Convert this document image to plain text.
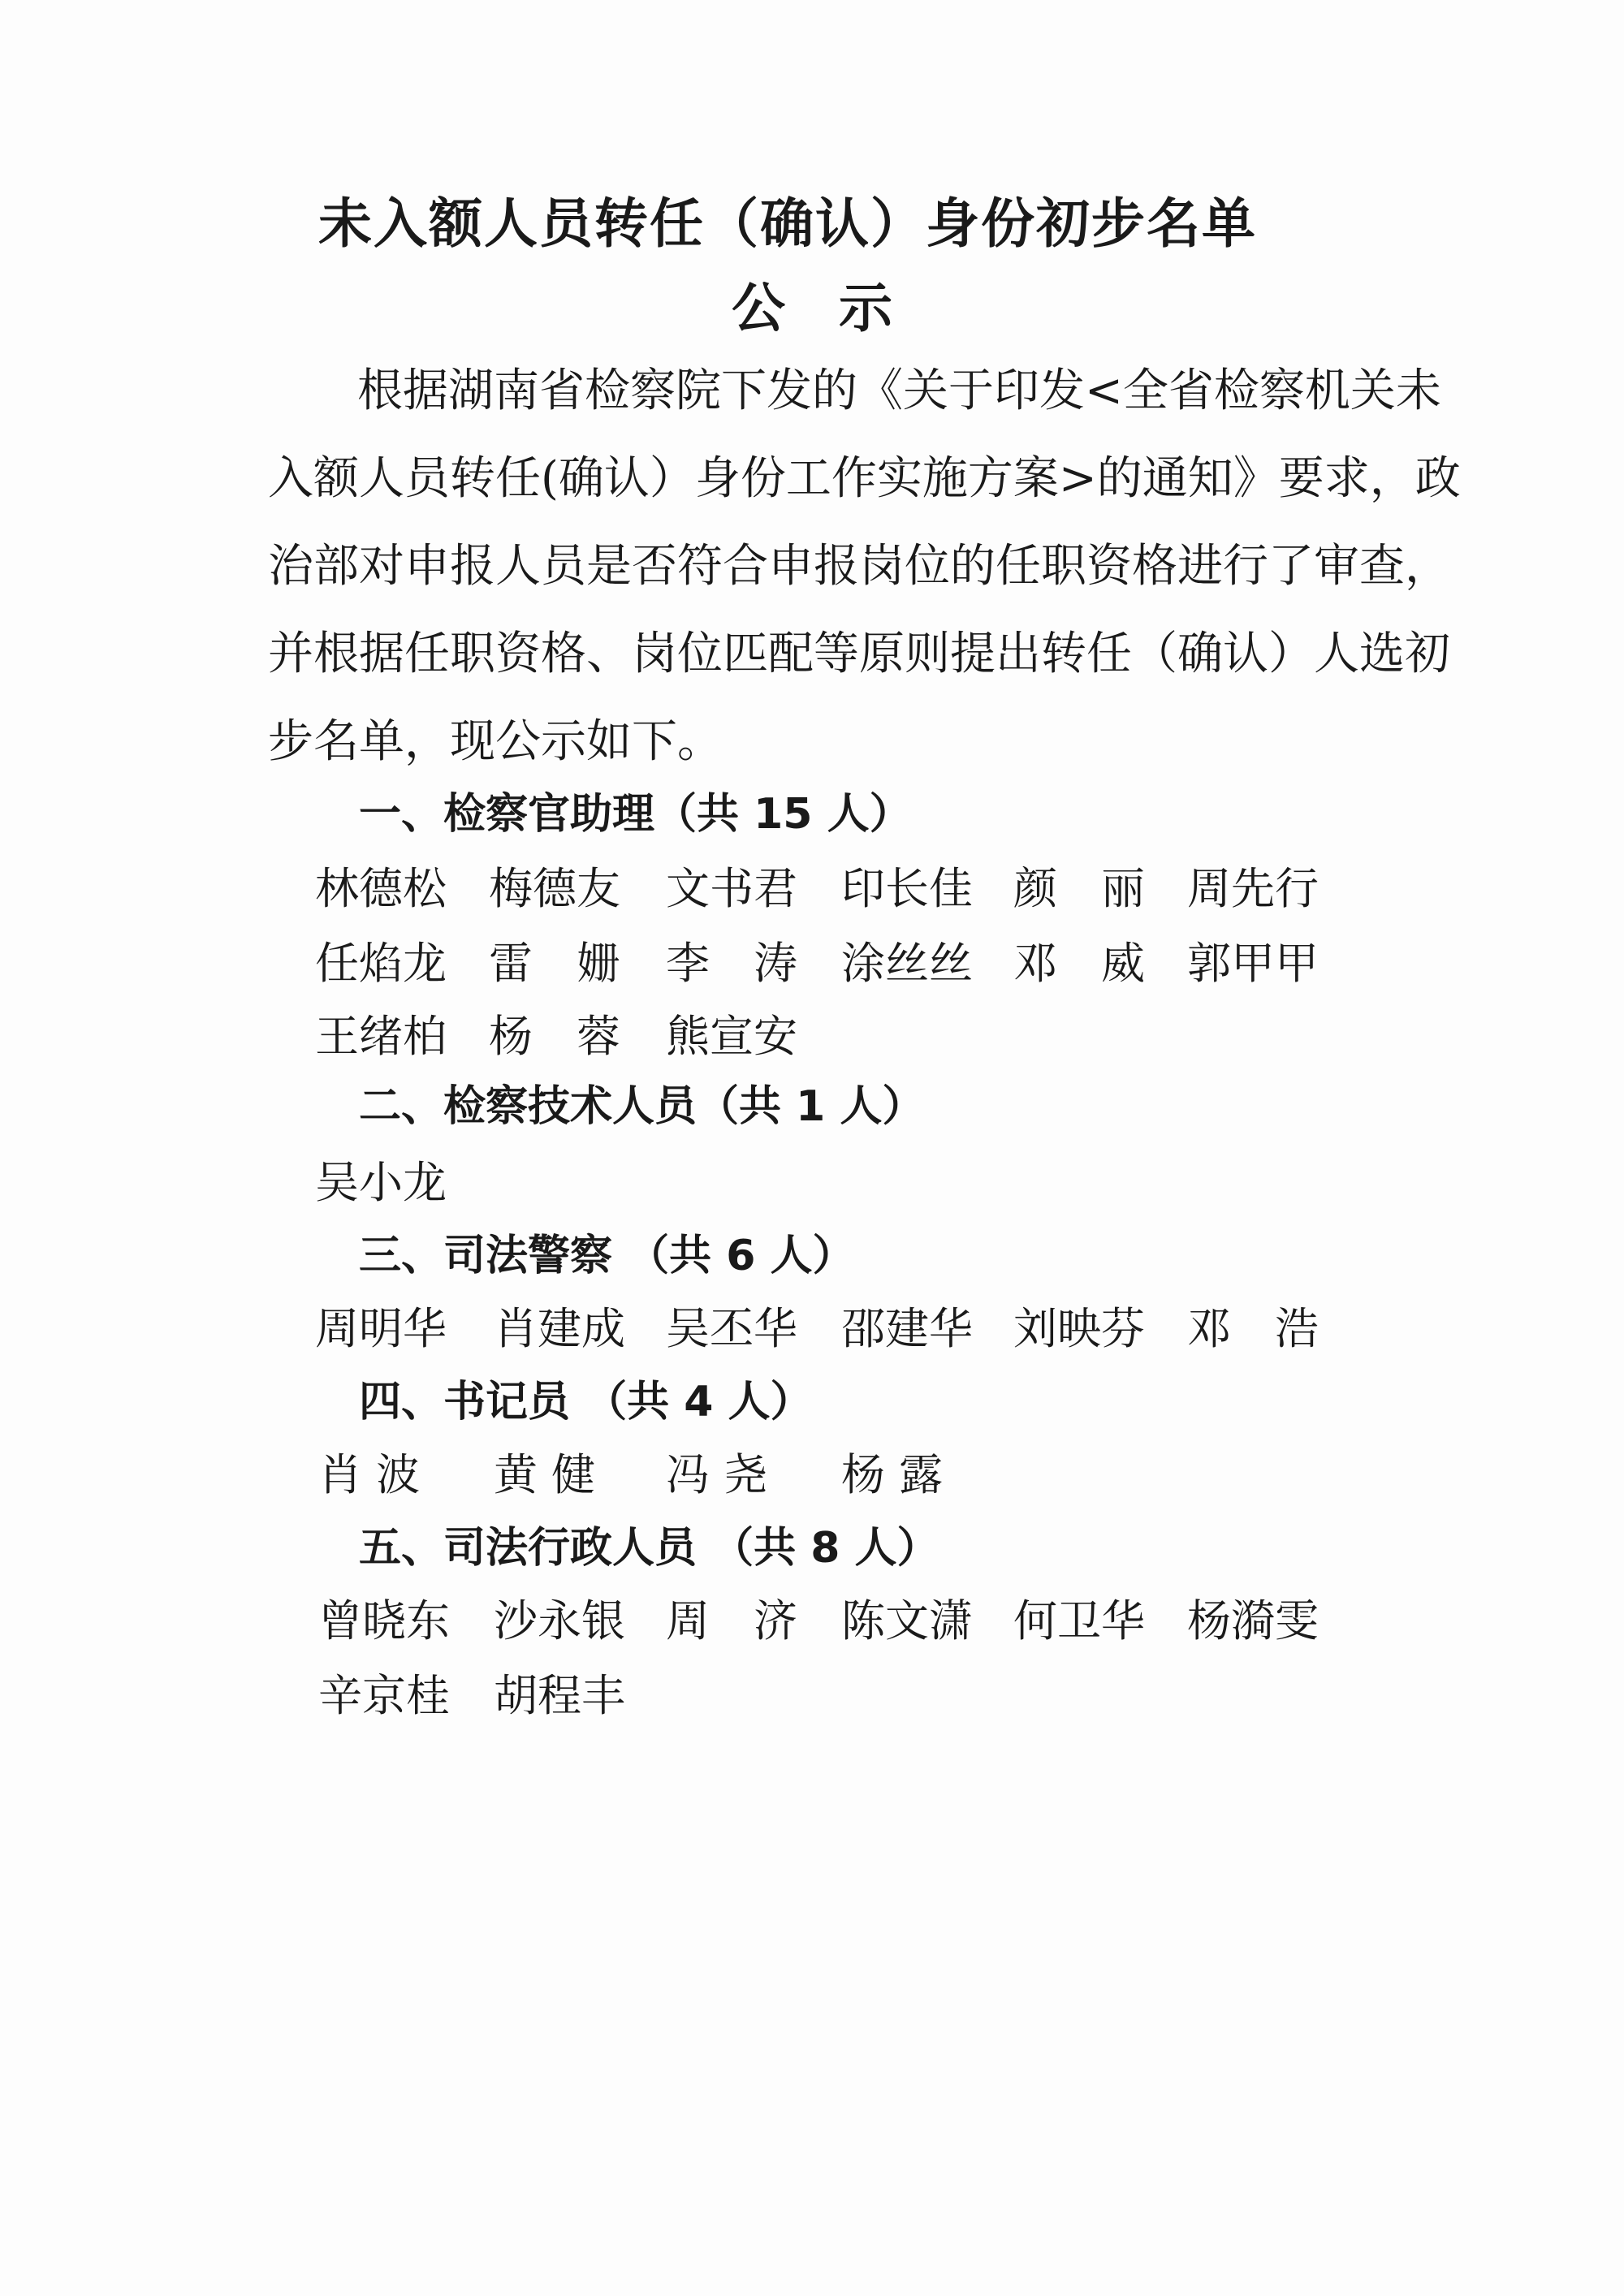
未入额人员转任（确认）身份初步名单
公 示
根据湖南省检察院下发的《关于印发<全省检察机关未
入额人员转任(确认）身份工作实施方案>的通知》要求，政
治部对申报人员是否符合申报岗位的任职资格进行了审查，
并根据任职资格、岗位匹配等原则提出转任（确认）人选初
步名单，现公示如下。
一、检察官助理（共 15 人）
林德松 梅德友 文书君 印长佳 颜　丽 周先行
任焰龙 雷　姗 李　涛 涂丝丝 邓　威 郭甲甲
王绪柏 杨　蓉 熊宣安
二、检察技术人员（共 1 人）
吴小龙
三、司法警察 （共 6 人）
周明华 肖建成 吴丕华 邵建华 刘映芬 邓　浩
四、书记员 （共 4 人）
肖 波 黄 健 冯 尧 杨 露
五、司法行政人员 （共 8 人）
曾晓东 沙永银 周　济 陈文潇 何卫华 杨漪雯
辛京桂 胡程丰
